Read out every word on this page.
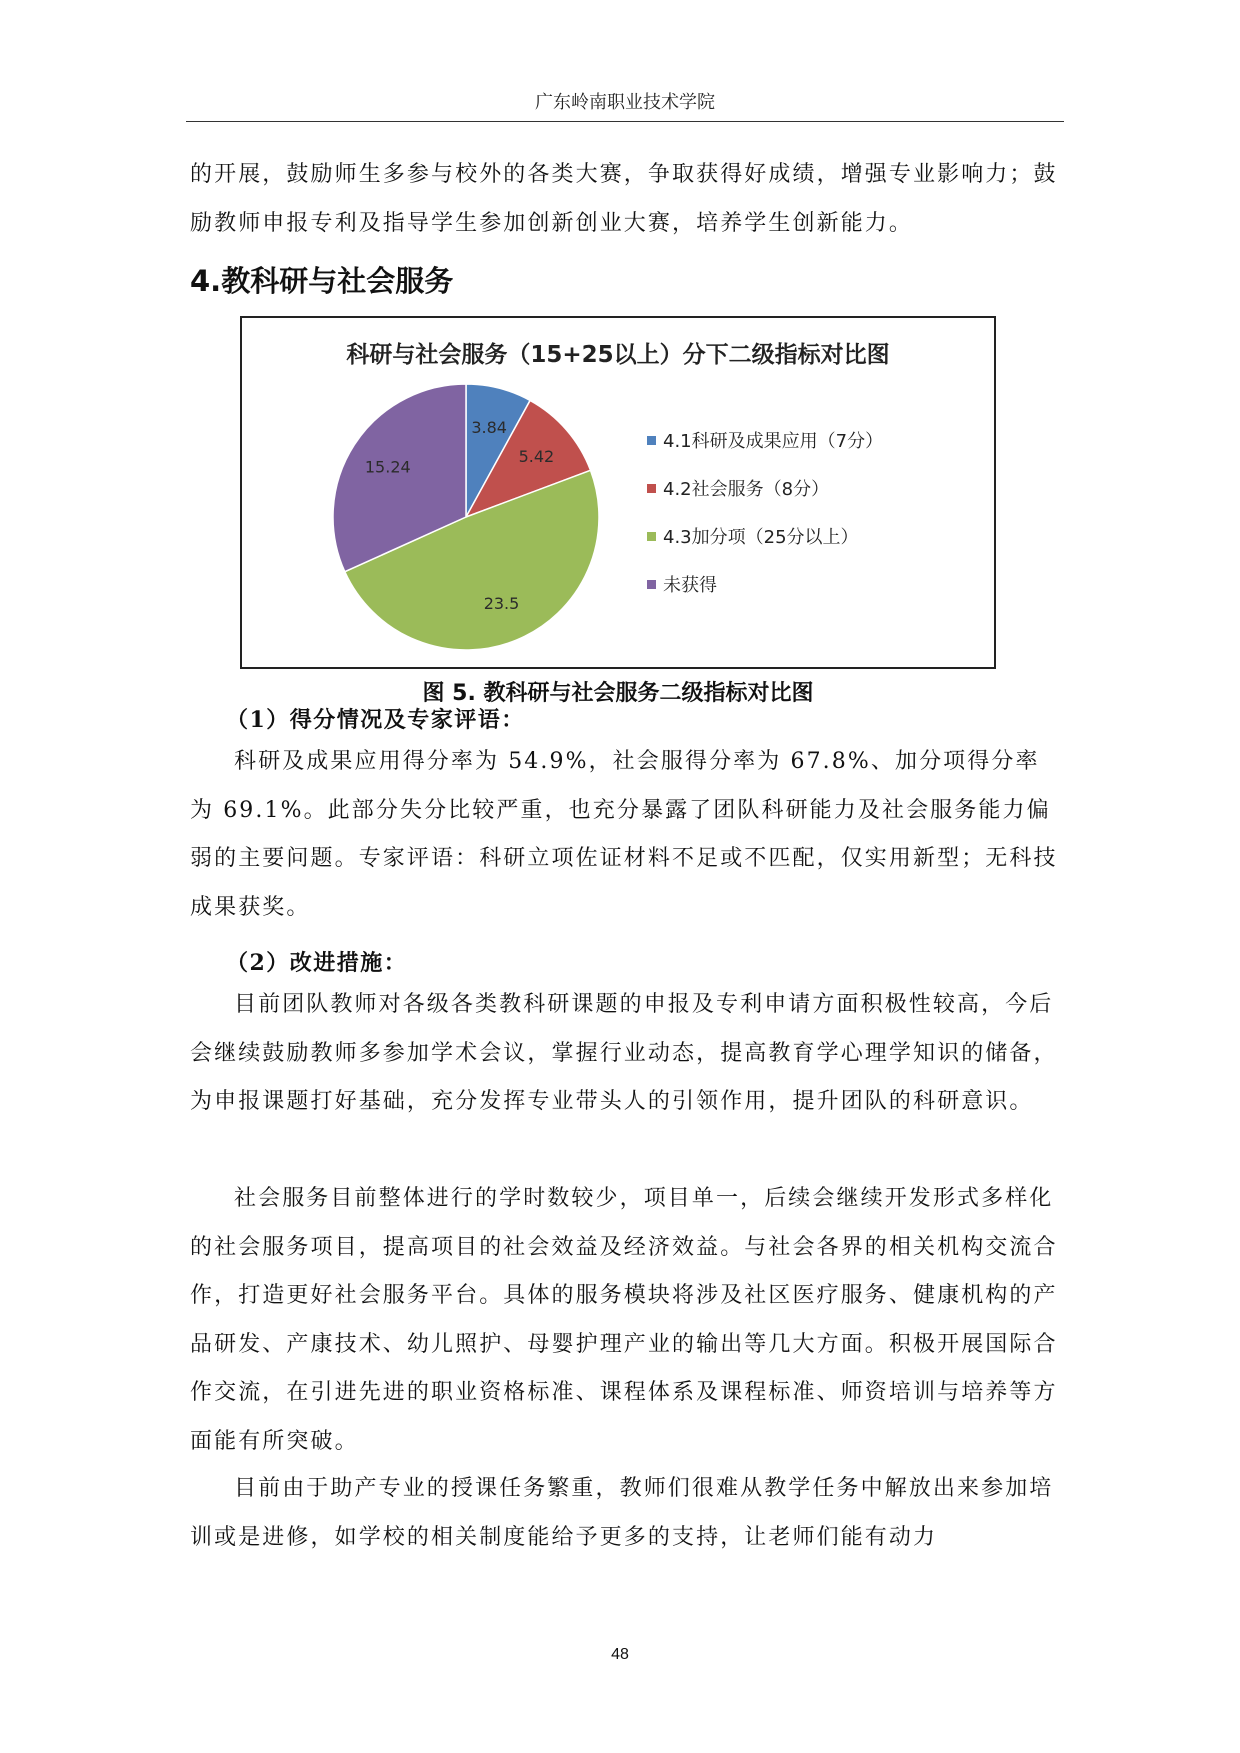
广东岭南职业技术学院

的开展，鼓励师生多参与校外的各类大赛，争取获得好成绩，增强专业影响力；鼓励教师申报专利及指导学生参加创新创业大赛，培养学生创新能力。

4.教科研与社会服务
科研与社会服务（15+25以上）分下二级指标对比图
3.84
5.42
23.5
15.24
4.1科研及成果应用（7分）
4.2社会服务（8分）
4.3加分项（25分以上）
未获得

图 5. 教科研与社会服务二级指标对比图

（1）得分情况及专家评语：

科研及成果应用得分率为 54.9%，社会服得分率为 67.8%、加分项得分率为 69.1%。此部分失分比较严重，也充分暴露了团队科研能力及社会服务能力偏弱的主要问题。专家评语：科研立项佐证材料不足或不匹配，仅实用新型；无科技成果获奖。

（2）改进措施：

目前团队教师对各级各类教科研课题的申报及专利申请方面积极性较高，今后会继续鼓励教师多参加学术会议，掌握行业动态，提高教育学心理学知识的储备，为申报课题打好基础，充分发挥专业带头人的引领作用，提升团队的科研意识。

社会服务目前整体进行的学时数较少，项目单一，后续会继续开发形式多样化的社会服务项目，提高项目的社会效益及经济效益。与社会各界的相关机构交流合作，打造更好社会服务平台。具体的服务模块将涉及社区医疗服务、健康机构的产品研发、产康技术、幼儿照护、母婴护理产业的输出等几大方面。积极开展国际合作交流，在引进先进的职业资格标准、课程体系及课程标准、师资培训与培养等方面能有所突破。

目前由于助产专业的授课任务繁重，教师们很难从教学任务中解放出来参加培训或是进修，如学校的相关制度能给予更多的支持，让老师们能有动力

48
